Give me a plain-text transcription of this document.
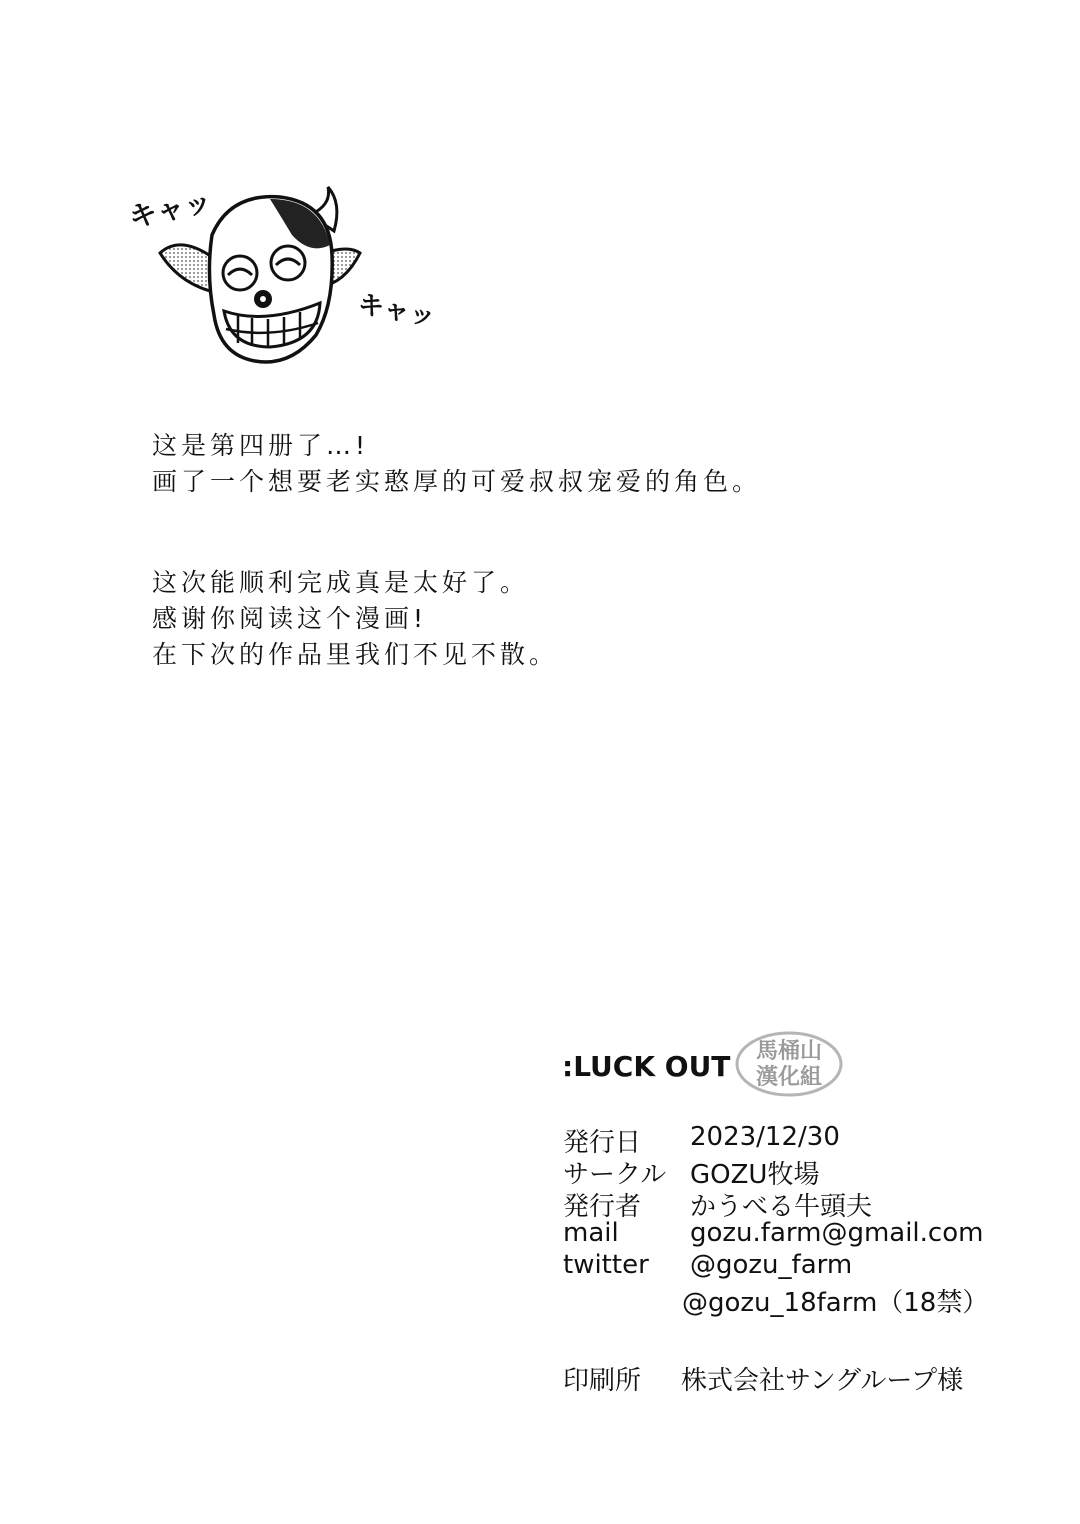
キャッ
キャッ
这是第四册了…!
画了一个想要老实憨厚的可爱叔叔宠爱的角色。
这次能顺利完成真是太好了。
感谢你阅读这个漫画!
在下次的作品里我们不见不散。
:LUCK OUT	馬桶山
漢化組
発行日 2023/12/30
サークル GOZU牧場
発行者 かうべる牛頭夫
mail	gozu.farm@gmail.com
twitter @gozu_farm
@gozu_18farm（18禁）
印刷所 株式会社サングループ様
